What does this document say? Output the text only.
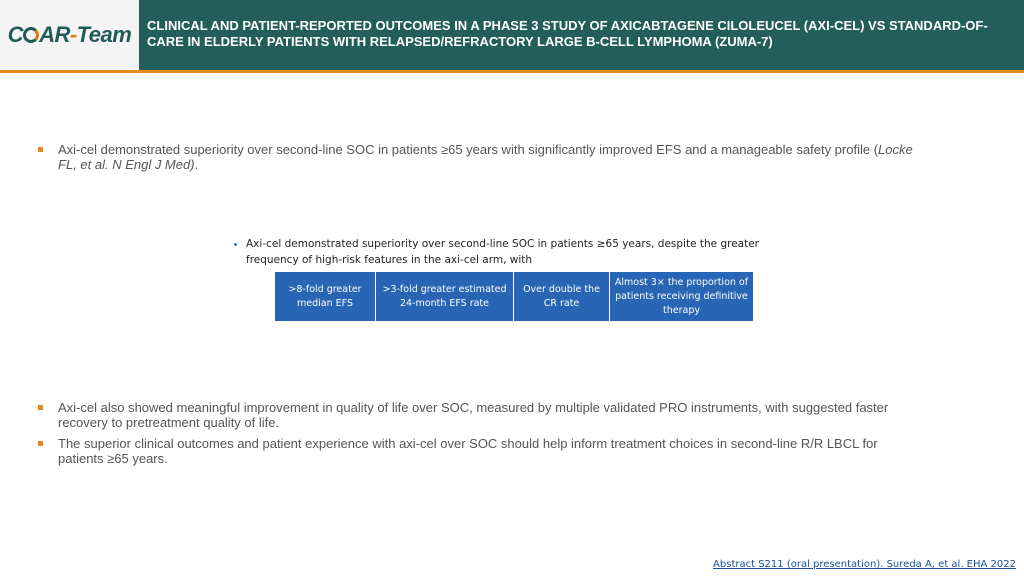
C AR-Team CLINICAL AND PATIENT-REPORTED OUTCOMES IN A PHASE 3 STUDY OF AXICABTAGENE CILOLEUCEL (AXI-CEL) VS STANDARD-OF-CARE IN ELDERLY PATIENTS WITH RELAPSED/REFRACTORY LARGE B-CELL LYMPHOMA (ZUMA-7)
Axi-cel demonstrated superiority over second-line SOC in patients ≥65 years with significantly improved EFS and a manageable safety profile (Locke FL, et al. N Engl J Med).
Axi-cel demonstrated superiority over second-line SOC in patients ≥65 years, despite the greater frequency of high-risk features in the axi-cel arm, with
>8-fold greater median EFS
>3-fold greater estimated 24-month EFS rate
Over double the CR rate
Almost 3× the proportion of patients receiving definitive therapy
Axi-cel also showed meaningful improvement in quality of life over SOC, measured by multiple validated PRO instruments, with suggested faster recovery to pretreatment quality of life.
The superior clinical outcomes and patient experience with axi-cel over SOC should help inform treatment choices in second-line R/R LBCL for patients ≥65 years.
Abstract S211 (oral presentation). Sureda A, et al. EHA 2022
